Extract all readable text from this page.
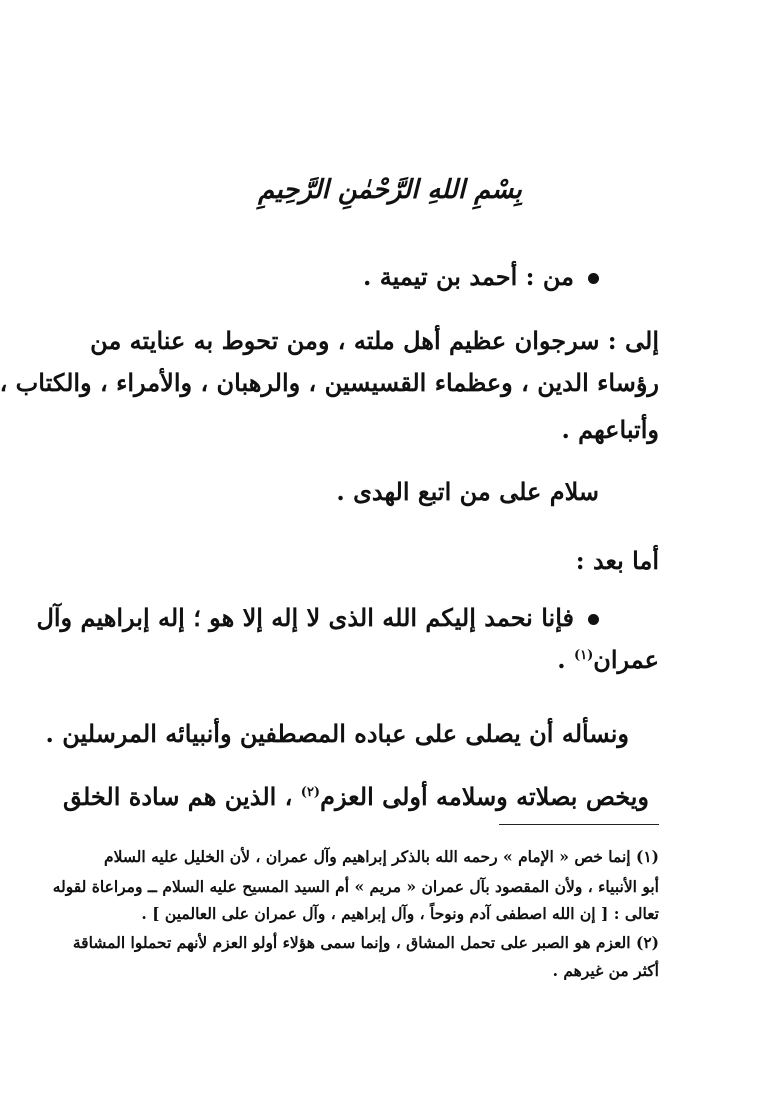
بِسْمِ اللهِ الرَّحْمٰنِ الرَّحِيمِ
من : أحمد بن تيمية .
إلى : سرجوان عظيم أهل ملته ، ومن تحوط به عنايته من
رؤساء الدين ، وعظماء القسيسين ، والرهبان ، والأمراء ، والكتاب ،
وأتباعهم .
سلام على من اتبع الهدى .
أما بعد :
فإنا نحمد إليكم الله الذى لا إله إلا هو ؛ إله إبراهيم وآل
عمران$^{(١)}$ .
ونسأله أن يصلى على عباده المصطفين وأنبيائه المرسلين .
ويخص بصلاته وسلامه أولى العزم$^{(٢)}$ ، الذين هم سادة الخلق
(١) إنما خص « الإمام » رحمه الله بالذكر إبراهيم وآل عمران ، لأن الخليل عليه السلام
أبو الأنبياء ، ولأن المقصود بآل عمران « مريم » أم السيد المسيح عليه السلام ــ ومراعاة لقوله
تعالى : [ إن الله اصطفى آدم ونوحاً ، وآل إبراهيم ، وآل عمران على العالمين ] .
(٢) العزم هو الصبر على تحمل المشاق ، وإنما سمى هؤلاء أولو العزم لأنهم تحملوا المشاقة
أكثر من غيرهم .
